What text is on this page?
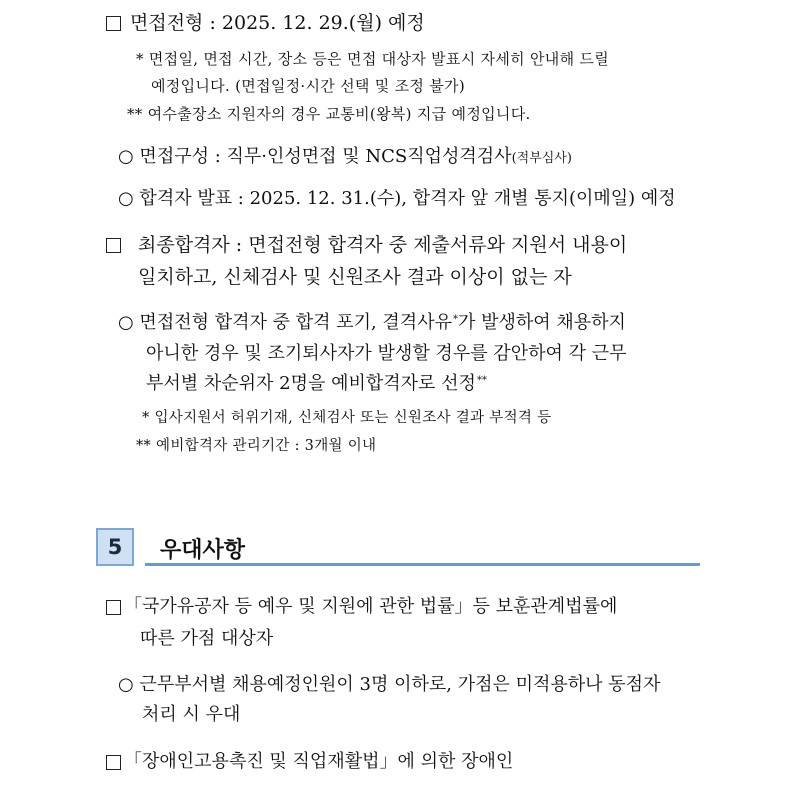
면접전형 : 2025. 12. 29.(월) 예정
* 면접일, 면접 시간, 장소 등은 면접 대상자 발표시 자세히 안내해 드릴
예정입니다. (면접일정·시간 선택 및 조정 불가)
** 여수출장소 지원자의 경우 교통비(왕복) 지급 예정입니다.
○ 면접구성 : 직무·인성면접 및 NCS직업성격검사(적부심사)
○ 합격자 발표 : 2025. 12. 31.(수), 합격자 앞 개별 통지(이메일) 예정
최종합격자 : 면접전형 합격자 중 제출서류와 지원서 내용이
일치하고, 신체검사 및 신원조사 결과 이상이 없는 자
○ 면접전형 합격자 중 합격 포기, 결격사유*가 발생하여 채용하지
아니한 경우 및 조기퇴사자가 발생할 경우를 감안하여 각 근무
부서별 차순위자 2명을 예비합격자로 선정**
* 입사지원서 허위기재, 신체검사 또는 신원조사 결과 부적격 등
** 예비합격자 관리기간 : 3개월 이내
5	우대사항
「국가유공자 등 예우 및 지원에 관한 법률」등 보훈관계법률에
따른 가점 대상자
○ 근무부서별 채용예정인원이 3명 이하로, 가점은 미적용하나 동점자
처리 시 우대
「장애인고용촉진 및 직업재활법」에 의한 장애인
